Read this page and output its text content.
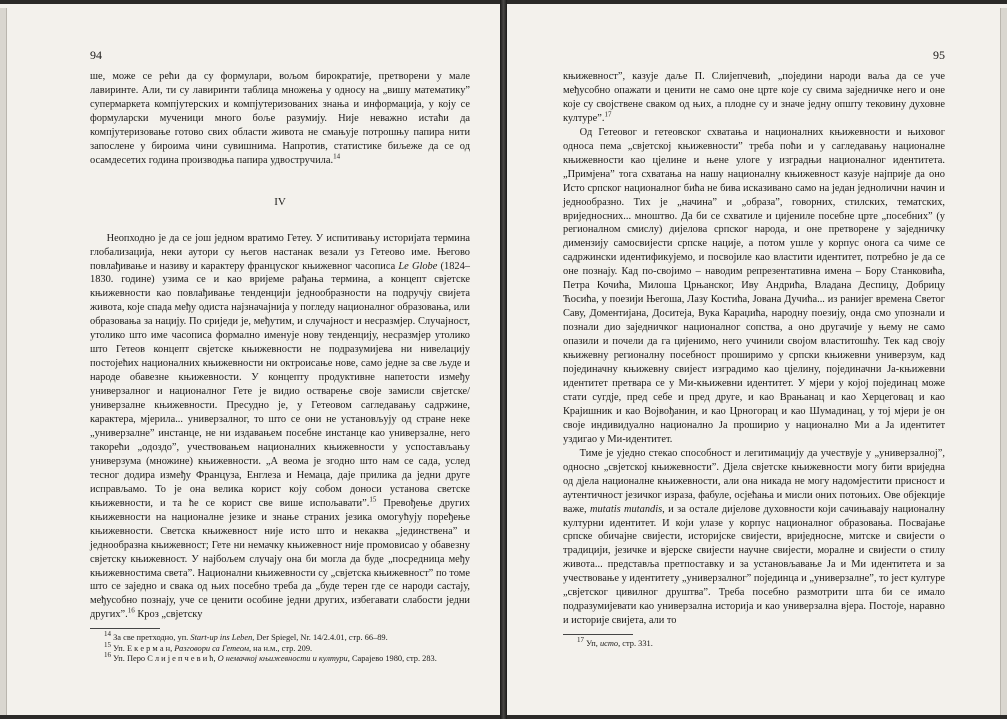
94

ше, може се рећи да су формулари, вољом бирократије, претворени у мале лавиринте. Али, ти су лавиринти таблица множења у односу на „вишу математику” супермаркета компјутерских и компјутеризованих знања и информација, у коју се формуларски мученици много боље разумију. Није неважно истаћи да компјутеризовање готово свих области живота не смањује потрошњу папира нити запослене у бироима чини сувишнима. Напротив, статистике биљеже да се од осамдесетих година производња папира удвостручила.$^{14}$

IV

Неопходно је да се још једном вратимо Гетеу. У испитивању историјата термина глобализација, неки аутори су његов настанак везали уз Гетеово име. Његово повлађивање и називу и карактеру француског књижевног часописа Le Globe (1824–1830. године) узима се и као вријеме рађања термина, а концепт свјетске књижевности као повлађивање тенденцији једнообразности на подручју свијета живота, које спада међу одиста најзначајнија у погледу националног образовања, или образовања за нацију. По сриједи је, међутим, и случајност и несразмјер. Случајност, утолико што име часописа формално именује нову тенденцију, несразмјер утолико што Гетеов концепт свјетске књижевности не подразумијева ни нивелацију постојећих националних књижевности ни октроисање нове, само једне за све људе и народе обавезне књижевности. У концепту продуктивне напетости између универзалног и националног Гете је видио остварење своје замисли свјетске/универзалне књижевности. Пресудно је, у Гетеовом сагледавању садржине, карактера, мјерила... универзалног, то што се они не установљују од стране неке „универзалне” инстанце, не ни издавањем посебне инстанце као универзалне, него такорећи „одоздо”, учествовањем националних књижевности у успостављању универзума (множине) књижевности. „А веома је згодно што нам се сада, услед тесног додира између Француза, Енглеза и Немаца, даје прилика да једни друге исправљамо. То је она велика корист коју собом доноси установа светске књижевности, и та ће се корист све више испољавати”.$^{15}$ Превођење других књижевности на националне језике и знање страних језика омогућују поређење књижевности. Светска књижевност није исто што и некаква „јединственa” и једнообразна књижевност; Гете ни немачку књижевност није промовисао у обавезну свјетску књижевност. У најбољем случају она би могла да буде „посредница међу књижевностима света”. Национални књижевности су „свјетска књижевност” по томе што се заједно и свака од њих посебно треба да „буде терен где се народи састају, међусобно познају, уче се ценити особине једни других, избегавати слабости једни других”.$^{16}$ Кроз „свјетску

$^{14}$ За све претходно, уп. Start-up ins Leben, Der Spiegel, Nr. 14/2.4.01, стр. 66–89.
$^{15}$ Уп. Е к е р м а н, Разговори са Гетеом, на н.м., стр. 209.
$^{16}$ Уп. Перо С л и ј е п ч е в и ћ, О немачкој књижевности и култури, Сарајево 1980, стр. 283.
95

књижевност”, казује даље П. Слијепчевић, „поједини народи ваља да се уче међусобно опажати и ценити не само оне црте које су свима заједничке него и оне које су својствене сваком од њих, а плодне су и значе једну општу тековину духовне културе”.$^{17}$

Од Гетеовог и гетеовског схватања и националних књижевности и њиховог односа пема „свјетској књижевности” треба поћи и у сагледавању националне књижевности као цјелине и њене улоге у изградњи националног идентитета. „Примјена” тога схватања на нашу националну књижевност казује најприје да оно Исто српског националног бића не бива исказивано само на један једнолични начин и једнообразно. Тих је „начина” и „образа”, говорних, стилских, тематских, вриједносних... мноштво. Да би се схватиле и цијениле посебне црте „посебних” (у регионалном смислу) дијелова српског народа, и оне претворене у заједничку димензију самосвијести српске нације, а потом ушле у корпус онога са чиме се садржински идентификујемо, и посвојиле као властити идентитет, потребно је да се оне познају. Кад по-својимо – наводим репрезентативна имена – Бору Станковића, Петра Кочића, Милоша Црњанског, Иву Андрића, Владана Деспицу, Добрицу Ћосића, у поезији Његоша, Лазу Костића, Јована Дучића... из ранијег времена Светог Саву, Доментијана, Доситеја, Вука Караџића, народну поезију, онда смо упознали и познали дио заједничког националног сопства, а оно другачије у њему не само опазили и почели да га цијенимо, него учинили својом властитошћу. Тек кад своју књижевну регионалну посебност проширимо у српски књижевни универзум, кад појединачну књижевну свијест изградимо као цјелину, појединачни Ја-књижевни идентитет претвара се у Ми-књижевни идентитет. У мјери у којој појединац може стати сугдје, пред себе и пред друге, и као Врањанац и као Херцеговац и као Крајишник и као Војвођанин, и као Црногорац и као Шумадинац, у тој мјери је он своје индивидуално национално Ја проширио у национално Ми а Ја идентитет уздигао у Ми-идентитет.

Тиме је уједно стекао способност и легитимацију да учествује у „универзалној”, односно „свјетској књижевности”. Дјела свјетске књижевности могу бити вриједна од дјела националне књижевности, али она никада не могу надомјестити присност и аутентичност језичког израза, фабуле, осјећања и мисли оних потоњих. Ове објекције важе, mutatis mutandis, и за остале дијелове духовности који сачињавају националну културни идентитет. И који улазе у корпус националног образовања. Посвајање српске обичајне свијести, историјске свијести, вриједносне, митске и свијести о традицији, језичке и вјерске свијести научне свијести, моралне и свијести о стилу живота... представља претпоставку и за установљавање Ја и Ми идентитета и за учествовање у идентитету „универзалног” појединца и „универзалне”, то јест културе „свјетског цивилног друштва”. Треба посебно размотрити шта би се имало подразумијевати као универзална историја и као универзална вјера. Постоје, наравно и историје свијета, али то

$^{17}$ Уп, исто, стр. 331.
